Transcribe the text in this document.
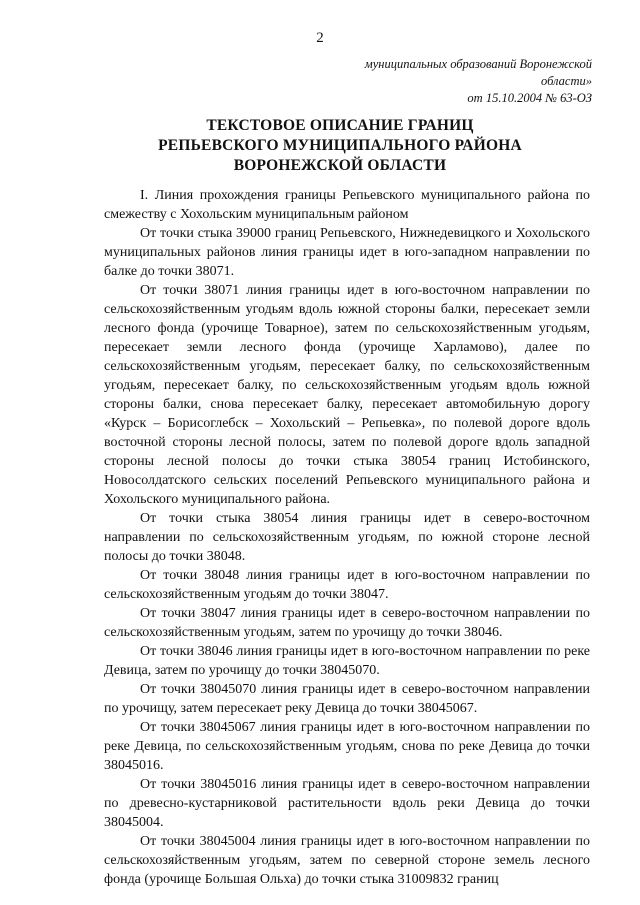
2
муниципальных образований Воронежской
области»
от 15.10.2004 № 63-ОЗ
ТЕКСТОВОЕ ОПИСАНИЕ ГРАНИЦ
РЕПЬЕВСКОГО МУНИЦИПАЛЬНОГО РАЙОНА
ВОРОНЕЖСКОЙ ОБЛАСТИ

I. Линия прохождения границы Репьевского муниципального района по смежеству с Хохольским муниципальным районом

От точки стыка 39000 границ Репьевского, Нижнедевицкого и Хохольского муниципальных районов линия границы идет в юго-западном направлении по балке до точки 38071.

От точки 38071 линия границы идет в юго-восточном направлении по сельскохозяйственным угодьям вдоль южной стороны балки, пересекает земли лесного фонда (урочище Товарное), затем по сельскохозяйственным угодьям, пересекает земли лесного фонда (урочище Харламово), далее по сельскохозяйственным угодьям, пересекает балку, по сельскохозяйственным угодьям, пересекает балку, по сельскохозяйственным угодьям вдоль южной стороны балки, снова пересекает балку, пересекает автомобильную дорогу «Курск – Борисоглебск – Хохольский – Репьевка», по полевой дороге вдоль восточной стороны лесной полосы, затем по полевой дороге вдоль западной стороны лесной полосы до точки стыка 38054 границ Истобинского, Новосолдатского сельских поселений Репьевского муниципального района и Хохольского муниципального района.

От точки стыка 38054 линия границы идет в северо-восточном направлении по сельскохозяйственным угодьям, по южной стороне лесной полосы до точки 38048.

От точки 38048 линия границы идет в юго-восточном направлении по сельскохозяйственным угодьям до точки 38047.

От точки 38047 линия границы идет в северо-восточном направлении по сельскохозяйственным угодьям, затем по урочищу до точки 38046.

От точки 38046 линия границы идет в юго-восточном направлении по реке Девица, затем по урочищу до точки 38045070.

От точки 38045070 линия границы идет в северо-восточном направлении по урочищу, затем пересекает реку Девица до точки 38045067.

От точки 38045067 линия границы идет в юго-восточном направлении по реке Девица, по сельскохозяйственным угодьям, снова по реке Девица до точки 38045016.

От точки 38045016 линия границы идет в северо-восточном направлении по древесно-кустарниковой растительности вдоль реки Девица до точки 38045004.

От точки 38045004 линия границы идет в юго-восточном направлении по сельскохозяйственным угодьям, затем по северной стороне земель лесного фонда (урочище Большая Ольха) до точки стыка 31009832 границ
